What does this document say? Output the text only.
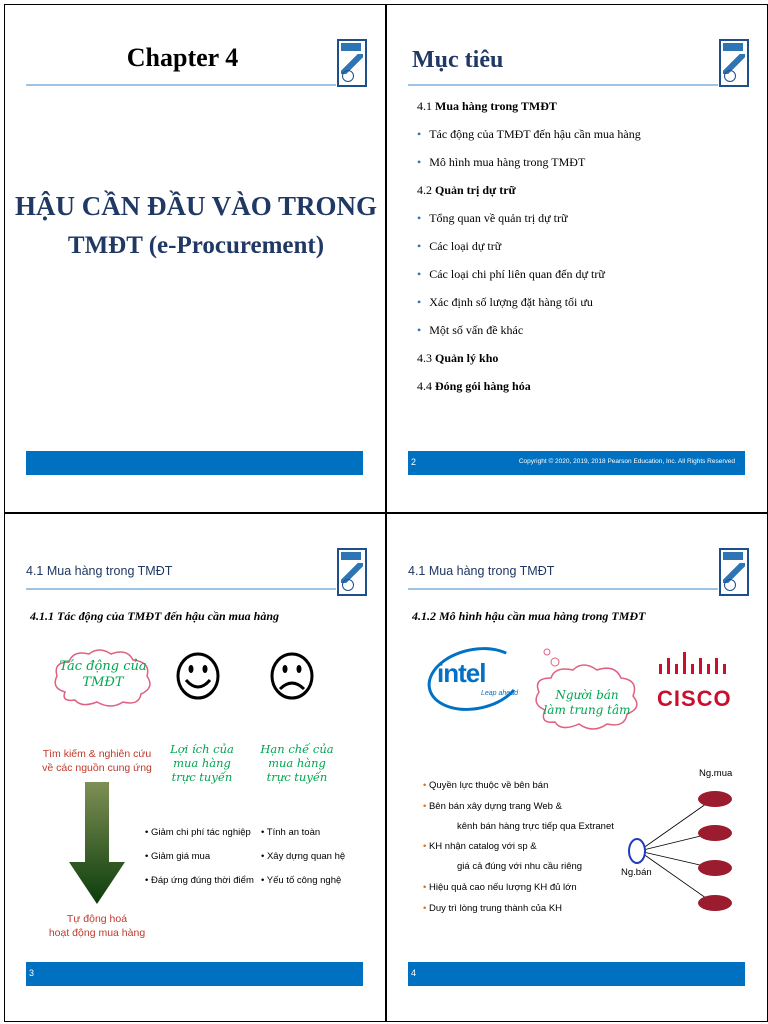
Chapter 4
HẬU CẦN ĐẦU VÀO TRONG
TMĐT (e-Procurement)
Mục tiêu
4.1 Mua hàng trong TMĐT
• Tác động của TMĐT đến hậu cần mua hàng
• Mô hình mua hàng trong TMĐT
4.2 Quản trị dự trữ
• Tổng quan về quản trị dự trữ
• Các loại dự trữ
• Các loại chi phí liên quan đến dự trữ
• Xác định số lượng đặt hàng tối ưu
• Một số vấn đề khác
4.3 Quản lý kho
4.4 Đóng gói hàng hóa
2	Copyright © 2020, 2019, 2018 Pearson Education, Inc. All Rights Reserved
4.1 Mua hàng trong TMĐT
4.1.1 Tác động của TMĐT đến hậu cần mua hàng
Tác động của
TMĐT
Tìm kiếm & nghiên cứu
về các nguồn cung ứng
Tự động hoá
hoạt động mua hàng
Lợi ích của
mua hàng
trực tuyến
Hạn chế của
mua hàng
trực tuyến
• Giảm chi phí tác nghiệp
• Giảm giá mua
• Đáp ứng đúng thời điểm
• Tính an toàn
• Xây dựng quan hệ
• Yếu tố công nghệ
3
4.1 Mua hàng trong TMĐT
4.1.2 Mô hình hậu cần mua hàng trong TMĐT
intel
Leap ahead	Người bán
làm trung tâm	CISCO
• Quyền lực thuộc về bên bán
• Bên bán xây dựng trang Web &
kênh bán hàng trực tiếp qua Extranet
• KH nhận catalog với sp &
giá cả đúng với nhu cầu riêng
• Hiệu quả cao nếu lượng KH đủ lớn
• Duy trì lòng trung thành của KH
Ng.mua
Ng.bán
4
